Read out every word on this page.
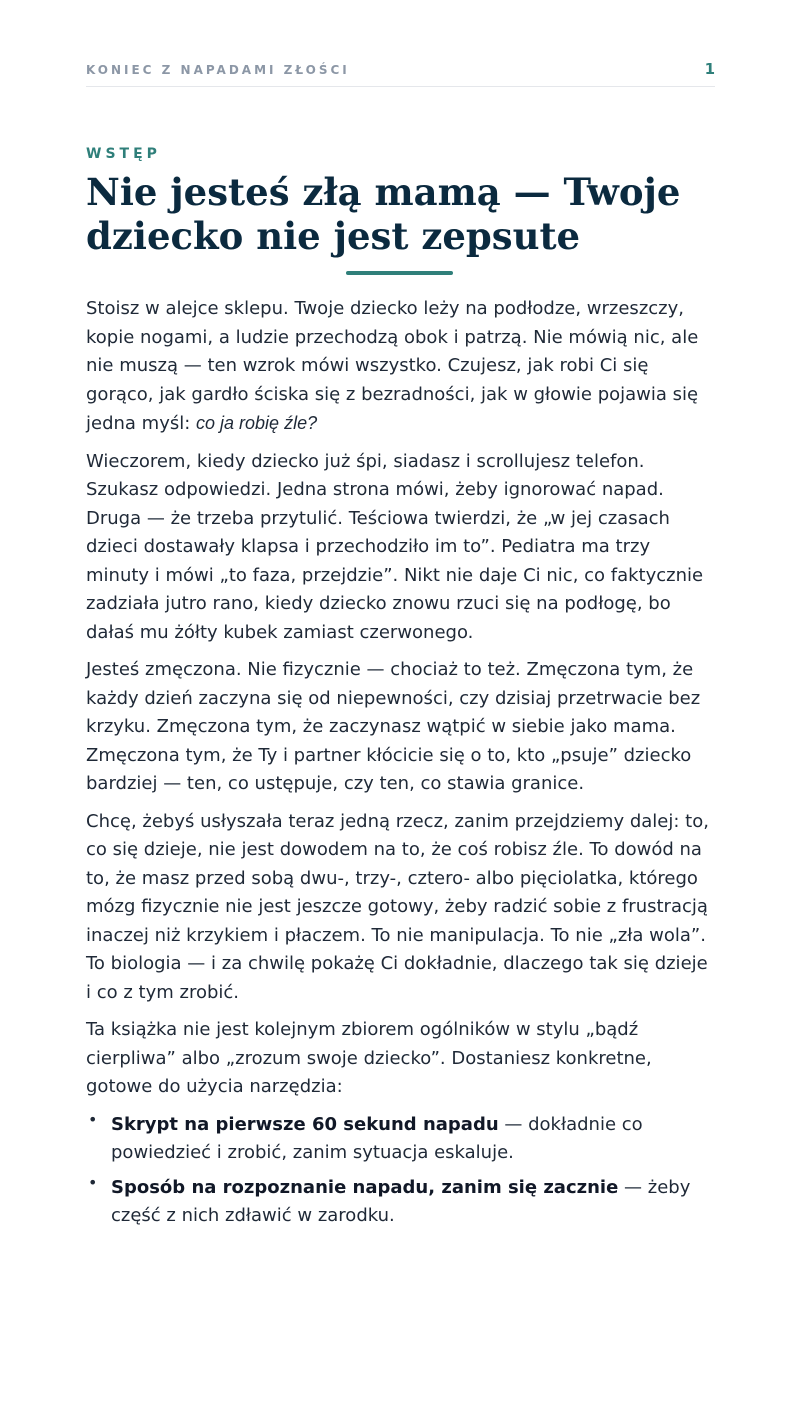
KONIEC Z NAPADAMI ZŁOŚCI	1
WSTĘP
Nie jesteś złą mamą — Twoje dziecko nie jest zepsute

Stoisz w alejce sklepu. Twoje dziecko leży na podłodze, wrzeszczy, kopie nogami, a ludzie przechodzą obok i patrzą. Nie mówią nic, ale nie muszą — ten wzrok mówi wszystko. Czujesz, jak robi Ci się gorąco, jak gardło ściska się z bezradności, jak w głowie pojawia się jedna myśl: co ja robię źle?

Wieczorem, kiedy dziecko już śpi, siadasz i scrollujesz telefon. Szukasz odpowiedzi. Jedna strona mówi, żeby ignorować napad. Druga — że trzeba przytulić. Teściowa twierdzi, że „w jej czasach dzieci dostawały klapsa i przechodziło im to”. Pediatra ma trzy minuty i mówi „to faza, przejdzie”. Nikt nie daje Ci nic, co faktycznie zadziała jutro rano, kiedy dziecko znowu rzuci się na podłogę, bo dałaś mu żółty kubek zamiast czerwonego.

Jesteś zmęczona. Nie fizycznie — chociaż to też. Zmęczona tym, że każdy dzień zaczyna się od niepewności, czy dzisiaj przetrwacie bez krzyku. Zmęczona tym, że zaczynasz wątpić w siebie jako mama. Zmęczona tym, że Ty i partner kłócicie się o to, kto „psuje” dziecko bardziej — ten, co ustępuje, czy ten, co stawia granice.

Chcę, żebyś usłyszała teraz jedną rzecz, zanim przejdziemy dalej: to, co się dzieje, nie jest dowodem na to, że coś robisz źle. To dowód na to, że masz przed sobą dwu-, trzy-, cztero- albo pięciolatka, którego mózg fizycznie nie jest jeszcze gotowy, żeby radzić sobie z frustracją inaczej niż krzykiem i płaczem. To nie manipulacja. To nie „zła wola”. To biologia — i za chwilę pokażę Ci dokładnie, dlaczego tak się dzieje i co z tym zrobić.

Ta książka nie jest kolejnym zbiorem ogólników w stylu „bądź cierpliwa” albo „zrozum swoje dziecko”. Dostaniesz konkretne, gotowe do użycia narzędzia:

• Skrypt na pierwsze 60 sekund napadu — dokładnie co powiedzieć i zrobić, zanim sytuacja eskaluje.
• Sposób na rozpoznanie napadu, zanim się zacznie — żeby część z nich zdławić w zarodku.
